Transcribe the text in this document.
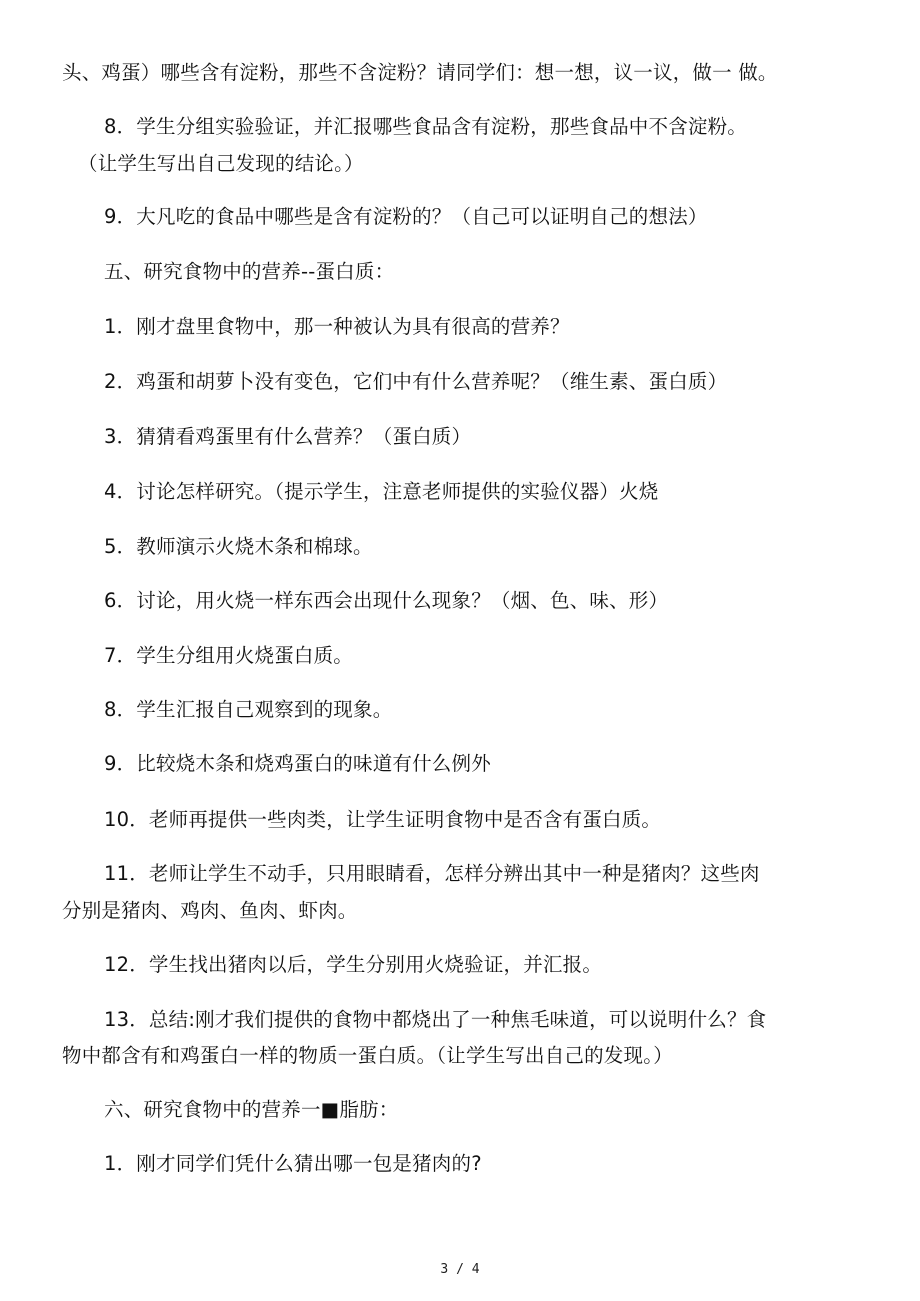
头、鸡蛋）哪些含有淀粉，那些不含淀粉？请同学们：想一想，议一议，做一 做。
8．学生分组实验验证，并汇报哪些食品含有淀粉，那些食品中不含淀粉。
（让学生写出自己发现的结论。）
9．大凡吃的食品中哪些是含有淀粉的？（自己可以证明自己的想法）
五、研究食物中的营养--蛋白质：
1．刚才盘里食物中，那一种被认为具有很高的营养？
2．鸡蛋和胡萝卜没有变色，它们中有什么营养呢？（维生素、蛋白质）
3．猜猜看鸡蛋里有什么营养？（蛋白质）
4．讨论怎样研究。（提示学生，注意老师提供的实验仪器）火烧
5．教师演示火烧木条和棉球。
6．讨论，用火烧一样东西会出现什么现象？（烟、色、味、形）
7．学生分组用火烧蛋白质。
8．学生汇报自己观察到的现象。
9．比较烧木条和烧鸡蛋白的味道有什么例外
10．老师再提供一些肉类，让学生证明食物中是否含有蛋白质。
11．老师让学生不动手，只用眼睛看，怎样分辨出其中一种是猪肉？这些肉
分别是猪肉、鸡肉、鱼肉、虾肉。
12．学生找出猪肉以后，学生分别用火烧验证，并汇报。
13．总结:刚才我们提供的食物中都烧出了一种焦毛味道，可以说明什么？食
物中都含有和鸡蛋白一样的物质一蛋白质。（让学生写出自己的发现。）
六、研究食物中的营养一■脂肪：
1．刚才同学们凭什么猜出哪一包是猪肉的?
3 / 4
